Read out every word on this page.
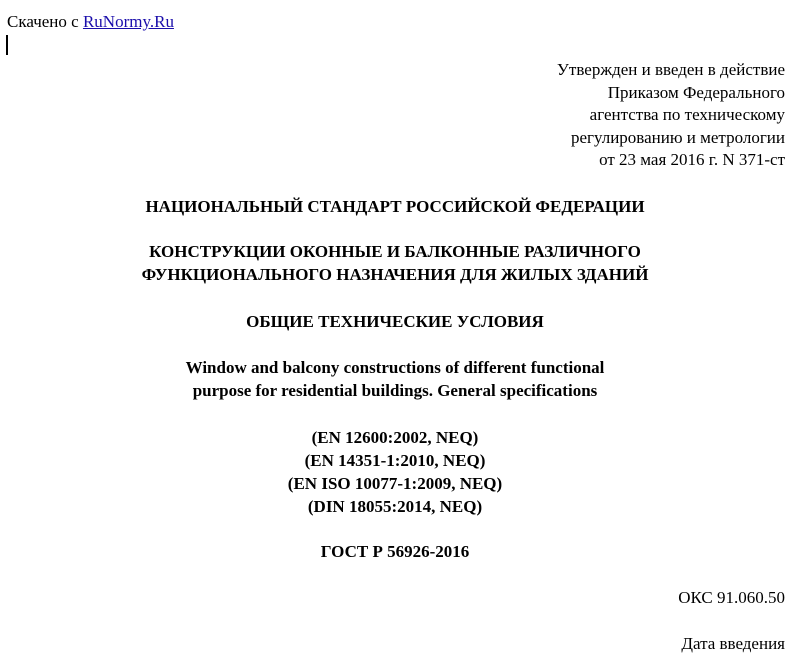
Скачено с RuNormy.Ru
Утвержден и введен в действие
Приказом Федерального
агентства по техническому
регулированию и метрологии
от 23 мая 2016 г. N 371-ст
НАЦИОНАЛЬНЫЙ СТАНДАРТ РОССИЙСКОЙ ФЕДЕРАЦИИ
КОНСТРУКЦИИ ОКОННЫЕ И БАЛКОННЫЕ РАЗЛИЧНОГО
ФУНКЦИОНАЛЬНОГО НАЗНАЧЕНИЯ ДЛЯ ЖИЛЫХ ЗДАНИЙ
ОБЩИЕ ТЕХНИЧЕСКИЕ УСЛОВИЯ
Window and balcony constructions of different functional
purpose for residential buildings. General specifications
(EN 12600:2002, NEQ)
(EN 14351-1:2010, NEQ)
(EN ISO 10077-1:2009, NEQ)
(DIN 18055:2014, NEQ)
ГОСТ Р 56926-2016
ОКС 91.060.50
Дата введения
